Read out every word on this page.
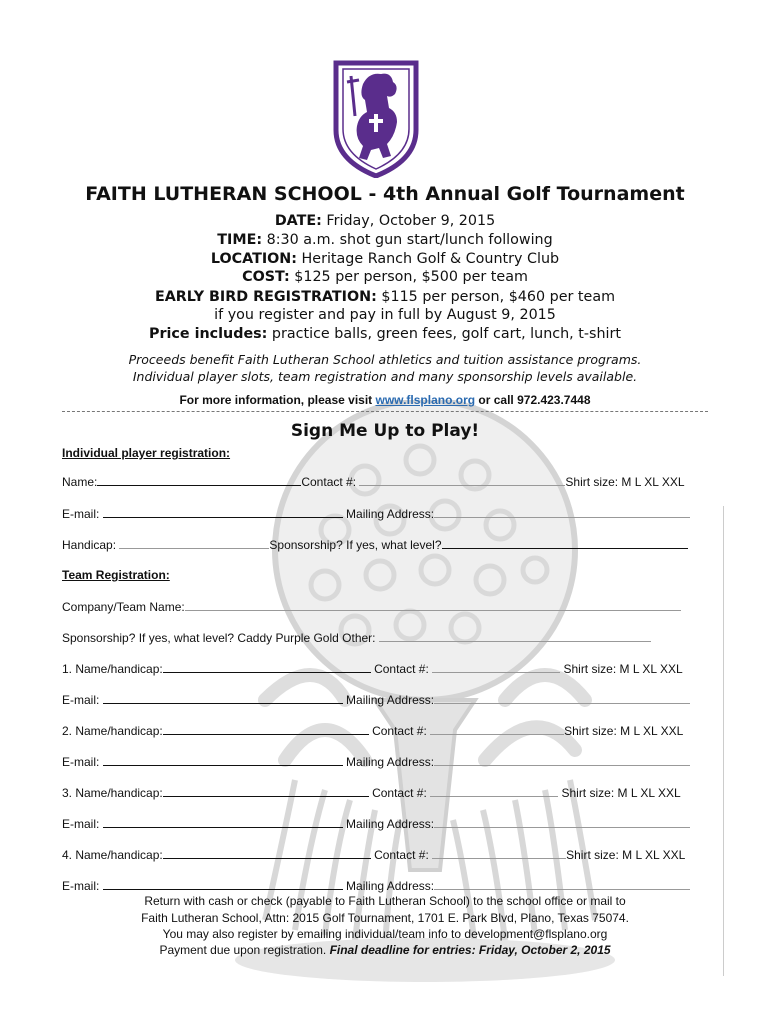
FAITH LUTHERAN SCHOOL - 4th Annual Golf Tournament
DATE: Friday, October 9, 2015
TIME: 8:30 a.m. shot gun start/lunch following
LOCATION: Heritage Ranch Golf & Country Club
COST: $125 per person, $500 per team
EARLY BIRD REGISTRATION: $115 per person, $460 per team
if you register and pay in full by August 9, 2015
Price includes: practice balls, green fees, golf cart, lunch, t-shirt
Proceeds benefit Faith Lutheran School athletics and tuition assistance programs.
Individual player slots, team registration and many sponsorship levels available.
For more information, please visit www.flsplano.org or call 972.423.7448
Sign Me Up to Play!
Individual player registration:
Name:	Contact #:	Shirt size: M L XL XXL
E-mail:	Mailing Address:
Handicap:	Sponsorship? If yes, what level?
Team Registration:
Company/Team Name:
Sponsorship? If yes, what level? Caddy Purple Gold Other:
1. Name/handicap:	Contact #:	Shirt size: M L XL XXL
E-mail:	Mailing Address:
2. Name/handicap:	Contact #:	Shirt size: M L XL XXL
E-mail:	Mailing Address:
3. Name/handicap:	Contact #:	Shirt size: M L XL XXL
E-mail:	Mailing Address:
4. Name/handicap:	Contact #:	Shirt size: M L XL XXL
E-mail:	Mailing Address:
Return with cash or check (payable to Faith Lutheran School) to the school office or mail to
Faith Lutheran School, Attn: 2015 Golf Tournament, 1701 E. Park Blvd, Plano, Texas 75074.
You may also register by emailing individual/team info to development@flsplano.org
Payment due upon registration. Final deadline for entries: Friday, October 2, 2015
